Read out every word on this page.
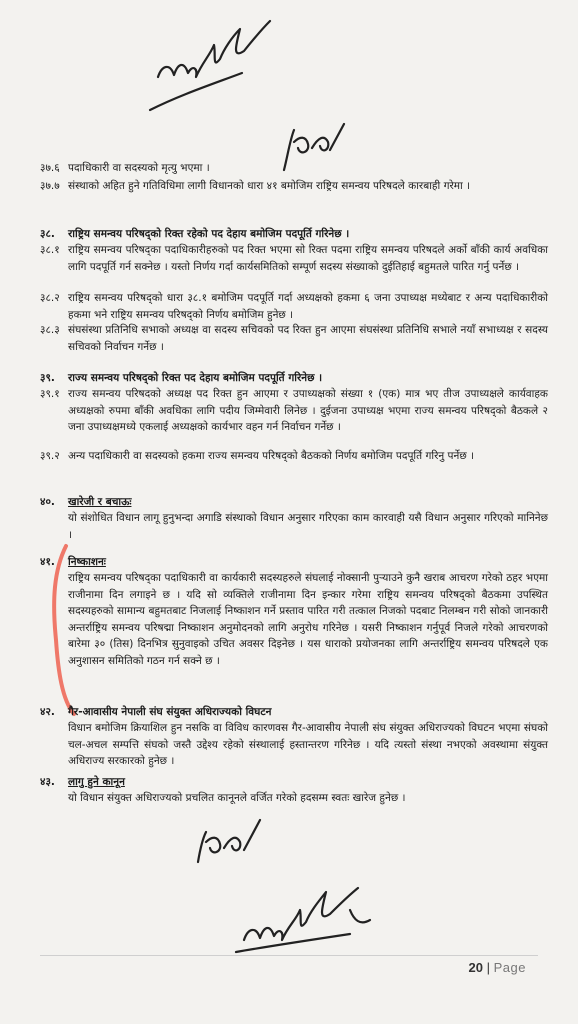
३७.६ पदाधिकारी वा सदस्यको मृत्यु भएमा ।
३७.७ संस्थाको अहित हुने गतिविधिमा लागी विधानको धारा ४१ बमोजिम राष्ट्रिय समन्वय परिषदले कारबाही गरेमा ।
३८.	राष्ट्रिय समन्वय परिषद्को रिक्त रहेको पद देहाय बमोजिम पदपूर्ति गरिनेछ ।
३८.१ राष्ट्रिय समन्वय परिषद्का पदाधिकारीहरुको पद रिक्त भएमा सो रिक्त पदमा राष्ट्रिय समन्वय परिषदले अर्को बाँकी कार्य अवधिका लागि पदपूर्ति गर्न सक्नेछ । यस्तो निर्णय गर्दा कार्यसमितिको सम्पूर्ण सदस्य संख्याको दुईतिहाई बहुमतले पारित गर्नु पर्नेछ ।
३८.२ राष्ट्रिय समन्वय परिषद्को धारा ३८.१ बमोजिम पदपूर्ति गर्दा अध्यक्षको हकमा ६ जना उपाध्यक्ष मध्येबाट र अन्य पदाधिकारीको हकमा भने राष्ट्रिय समन्वय परिषद्को निर्णय बमोजिम हुनेछ ।
३८.३ संघसंस्था प्रतिनिधि सभाको अध्यक्ष वा सदस्य सचिवको पद रिक्त हुन आएमा संघसंस्था प्रतिनिधि सभाले नयाँ सभाध्यक्ष र सदस्य सचिवको निर्वाचन गर्नेछ ।
३९.	राज्य समन्वय परिषद्को रिक्त पद देहाय बमोजिम पदपूर्ति गरिनेछ ।
३९.१ राज्य समन्वय परिषदको अध्यक्ष पद रिक्त हुन आएमा र उपाध्यक्षको संख्या १ (एक) मात्र भए तीज उपाध्यक्षले कार्यवाहक अध्यक्षको रुपमा बाँकी अवधिका लागि पदीय जिम्मेवारी लिनेछ । दुईजना उपाध्यक्ष भएमा राज्य समन्वय परिषद्को बैठकले २ जना उपाध्यक्षमध्ये एकलाई अध्यक्षको कार्यभार वहन गर्न निर्वाचन गर्नेछ ।
३९.२ अन्य पदाधिकारी वा सदस्यको हकमा राज्य समन्वय परिषद्को बैठकको निर्णय बमोजिम पदपूर्ति गरिनु पर्नेछ ।
४०.	खारेजी र बचाऊः
यो संशोधित विधान लागू हुनुभन्दा अगाडि संस्थाको विधान अनुसार गरिएका काम कारवाही यसै विधान अनुसार गरिएको मानिनेछ ।
४१.	निष्काशनः
राष्ट्रिय समन्वय परिषद्का पदाधिकारी वा कार्यकारी सदस्यहरुले संघलाई नोक्सानी पुऱ्याउने कुनै खराब आचरण गरेको ठहर भएमा राजीनामा दिन लगाइने छ । यदि सो व्यक्तिले राजीनामा दिन इन्कार गरेमा राष्ट्रिय समन्वय परिषद्को बैठकमा उपस्थित सदस्यहरुको सामान्य बहुमतबाट निजलाई निष्काशन गर्ने प्रस्ताव पारित गरी तत्काल निजको पदबाट निलम्बन गरी सोको जानकारी अन्तर्राष्ट्रिय समन्वय परिषद्मा निष्काशन अनुमोदनको लागि अनुरोध गरिनेछ । यसरी निष्काशन गर्नुपूर्व निजले गरेको आचरणको बारेमा ३० (तिस) दिनभित्र सुनुवाइको उचित अवसर दिइनेछ । यस धाराको प्रयोजनका लागि अन्तर्राष्ट्रिय समन्वय परिषदले एक अनुशासन समितिको गठन गर्न सक्ने छ ।
४२.	गैर-आवासीय नेपाली संघ संयुक्त अधिराज्यको विघटन
विधान बमोजिम क्रियाशिल हुन नसकि वा विविध कारणवस गैर-आवासीय नेपाली संघ संयुक्त अधिराज्यको विघटन भएमा संघको चल-अचल सम्पत्ति संघको जस्तै उद्देश्य रहेको संस्थालाई हस्तान्तरण गरिनेछ । यदि त्यस्तो संस्था नभएको अवस्थामा संयुक्त अधिराज्य सरकारको हुनेछ ।
४३.	लागु हुने कानून
यो विधान संयुक्त अधिराज्यको प्रचलित कानूनले वर्जित गरेको हदसम्म स्वतः खारेज हुनेछ ।
20 | Page
